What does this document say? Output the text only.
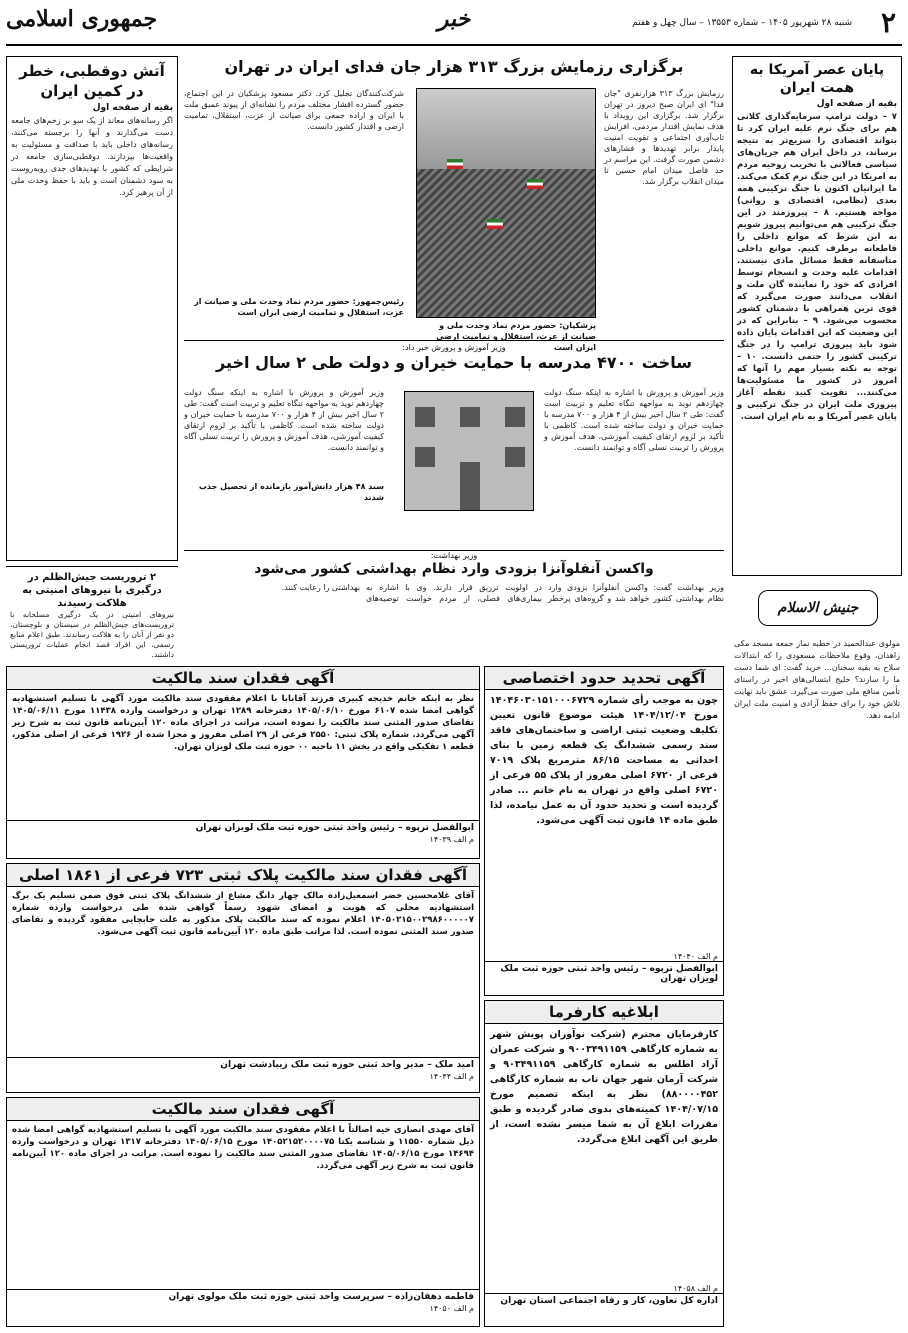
۲
شنبه ۲۸ شهریور ۱۴۰۵ – شماره ۱۳۵۵۳ – سال چهل و هفتم
خبر
جمهوری اسلامی
پایان عصر آمریکا به همت ایران
بقیه از صفحه اول
۷ – دولت ترامپ سرمایه‌گذاری کلانی هم برای جنگ نرم علیه ایران کرد تا بتواند اقتصادی را سریع‌تر به نتیجه برساند، در داخل ایران هم جریان‌های سیاسی فعالانی با تخریب روحیه مردم به امریکا در این جنگ نرم کمک می‌کند. ما ایرانیان اکنون با جنگ ترکیبی همه بعدی (نظامی، اقتصادی و روانی) مواجه هستیم. ۸ – پیروزمند در این جنگ ترکیبی هم می‌توانیم پیروز شویم به این شرط که موانع داخلی را قاطعانه برطرف کنیم. موانع داخلی متاسفانه فقط مسائل مادی نیستند. اقدامات علیه وحدت و انسجام توسط افرادی که خود را نماینده گان ملت و انقلاب می‌دانند صورت می‌گیرد که قوی ترین همراهی با دشمنان کشور محسوب می‌شود. ۹ – بنابراین که در این وضعیت که این اقدامات پایان داده شود باید پیروزی ترامپ را در جنگ ترکیبی کشور را حتمی دانست. ۱۰ – توجه به نکته بسیار مهم را آنها که امروز در کشور ما مسئولیت‌ها می‌کنند... تقویت کنید نقطه آغاز پیروزی ملت ایران در جنگ ترکیبی و پایان عصر آمریکا و به نام ایران است.
جنیش الاسلام
مولوی عبدالحمید در خطبه نماز جمعه مسجد مکی زاهدان، وقوع ملاحظات مسعودی را که ابتدالات سلاح به بقیه سخنان... خرید گفت: ای شما دست ما را سازند؟ خلیج ابتسالی‌های اخیر در راستای تأمین منافع ملی صورت می‌گیرد. عشق باید نهایت تلاش خود را برای حفظ آزادی و امنیت ملت ایران ادامه دهد.
برگزاری رزمایش بزرگ ۳۱۳ هزار جان فدای ایران در تهران
رزمایش بزرگ ۳۱۳ هزارنفری "جان فدا" ای ایران صبح دیروز در تهران برگزار شد. برگزاری این رویداد با هدف نمایش اقتدار مردمی، افزایش تاب‌آوری اجتماعی و تقویت امنیت پایدار برابر تهدیدها و فشارهای دشمن صورت گرفت. این مراسم در حد فاصل میدان امام حسین تا میدان انقلاب برگزار شد.
پزشکیان: حضور مردم نماد وحدت ملی و صیانت از عزت، استقلال و تمامیت ارضی ایران است
شرکت‌کنندگان تجلیل کرد. دکتر مسعود پزشکیان در این اجتماع، حضور گسترده اقشار مختلف مردم را نشانه‌ای از پیوند عمیق ملت با ایران و اراده جمعی برای صیانت از عزت، استقلال، تمامیت ارضی و اقتدار کشور دانست.
رئیس‌جمهور: حضور مردم نماد وحدت ملی و صیانت از عزت، استقلال و تمامیت ارضی ایران است
وزیر آموزش و پرورش خبر داد:
ساخت ۴۷۰۰ مدرسه با حمایت خیران و دولت طی ۲ سال اخیر
وزیر آموزش و پرورش با اشاره به اینکه سنگ دولت چهاردهم نوید به مواجهه تنگاه تعلیم و تربیت است گفت: طی ۲ سال اخیر بیش از ۴ هزار و ۷۰۰ مدرسه با حمایت خیران و دولت ساخته شده است. کاظمی با تأکید بر لزوم ارتقای کیفیت آموزشی، هدف آموزش و پرورش را تربیت نسلی آگاه و توانمند دانست.
وزیر آموزش و پرورش با اشاره به اینکه سنگ دولت چهاردهم نوید به مواجهه تنگاه تعلیم و تربیت است گفت: طی ۲ سال اخیر بیش از ۴ هزار و ۷۰۰ مدرسه با حمایت خیران و دولت ساخته شده است. کاظمی با تأکید بر لزوم ارتقای کیفیت آموزشی، هدف آموزش و پرورش را تربیت نسلی آگاه و توانمند دانست.
سند ۴۸ هزار دانش‌آموز بازمانده از تحصیل جذب شدند
وزیر بهداشت:
واکسن آنفلوآنزا بزودی وارد نظام بهداشتی کشور می‌شود
وزیر بهداشت گفت: واکسن آنفلوآنزا بزودی وارد نظام بهداشتی کشور خواهد شد و گروه‌های پرخطر در اولویت تزریق قرار دارند. وی با اشاره به بیماری‌های فصلی، از مردم خواست توصیه‌های بهداشتی را رعایت کنند.
آتش دوقطبی، خطر در کمین ایران
بقیه از صفحه اول
اگر رسانه‌های معاند از یک سو بر زخم‌های جامعه دست می‌گذارند و آنها را برجسته می‌کنند، رسانه‌های داخلی باید با صداقت و مسئولیت به واقعیت‌ها بپردازند. دوقطبی‌سازی جامعه در شرایطی که کشور با تهدیدهای جدی روبه‌روست به سود دشمنان است و باید با حفظ وحدت ملی از آن پرهیز کرد.
۲ تروریست جیش‌الظلم در درگیری با نیروهای امنیتی به هلاکت رسیدند
نیروهای امنیتی در یک درگیری مسلحانه با تروریست‌های جیش‌الظلم در سیستان و بلوچستان، دو نفر از آنان را به هلاکت رساندند. طبق اعلام منابع رسمی، این افراد قصد انجام عملیات تروریستی داشتند.
آگهی فقدان سند مالکیت
نظر به اینکه خانم خدیجه کبیری فرزند آقابابا با اعلام مفقودی سند مالکیت مورد آگهی با تسلیم استشهادیه گواهی امضا شده ۶۱۰۷ مورخ ۱۴۰۵/۰۶/۱۰ دفترخانه ۱۲۸۹ تهران و درخواست وارده ۱۱۴۳۸ مورخ ۱۴۰۵/۰۶/۱۱ تقاضای صدور المثنی سند مالکیت را نموده است، مراتب در اجرای ماده ۱۲۰ آیین‌نامه قانون ثبت به شرح زیر آگهی می‌گردد. شماره پلاک ثبتی: ۲۵۵۰ فرعی از ۲۹ اصلی مفروز و مجزا شده از ۱۹۲۶ فرعی از اصلی مذکور، قطعه ۱ تفکیکی واقع در بخش ۱۱ ناحیه ۰۰ حوزه ثبت ملک لویزان تهران.
ابوالفضل ترپوه – رئیس واحد ثبتی حوزه ثبت ملک لویزان تهران
م الف ۱۴۰۳۹
آگهی فقدان سند مالکیت پلاک ثبتی ۷۲۳ فرعی از ۱۸۶۱ اصلی
آقای غلامحسین خضر اسمعیل‌زاده مالک چهار دانگ مشاع از ششدانگ پلاک ثبتی فوق ضمن تسلیم یک برگ استشهادیه محلی که هویت و امضای شهود رسماً گواهی شده طی درخواست وارده شماره ۱۴۰۵۰۲۱۵۰۰۲۹۸۶۰۰۰۰۰۷ اعلام نموده که سند مالکیت پلاک مذکور به علت جابجایی مفقود گردیده و تقاضای صدور سند المثنی نموده است. لذا مراتب طبق ماده ۱۲۰ آیین‌نامه قانون ثبت آگهی می‌شود.
امید ملک – مدیر واحد ثبتی حوزه ثبت ملک زیبادشت تهران
م الف ۱۴۰۴۴
آگهی فقدان سند مالکیت
آقای مهدی انصاری خیه اصالتاً با اعلام مفقودی سند مالکیت مورد آگهی با تسلیم استشهادیه گواهی امضا شده ذیل شماره ۱۱۵۵۰ و شناسه یکتا ۱۴۰۵۲۱۵۲۰۰۰۰۷۵ مورخ ۱۴۰۵/۰۶/۱۵ دفترخانه ۱۳۱۷ تهران و درخواست وارده ۱۴۶۹۴ مورخ ۱۴۰۵/۰۶/۱۵ تقاضای صدور المثنی سند مالکیت را نموده است. مراتب در اجرای ماده ۱۲۰ آیین‌نامه قانون ثبت به شرح زیر آگهی می‌گردد.
فاطمه دهقان‌زاده – سرپرست واحد ثبتی حوزه ثبت ملک مولوی تهران
م الف ۱۴۰۵۰
آگهی تحدید حدود اختصاصی
چون به موجب رأی شماره ۱۴۰۴۶۰۳۰۱۵۱۰۰۰۶۷۲۹ مورخ ۱۴۰۴/۱۲/۰۴ هیئت موضوع قانون تعیین تکلیف وضعیت ثبتی اراضی و ساختمان‌های فاقد سند رسمی ششدانگ یک قطعه زمین با بنای احداثی به مساحت ۸۶/۱۵ مترمربع پلاک ۷۰۱۹ فرعی از ۶۷۲۰ اصلی مفروز از پلاک ۵۵ فرعی از ۶۷۲۰ اصلی واقع در تهران به نام خانم ... صادر گردیده است و تحدید حدود آن به عمل نیامده، لذا طبق ماده ۱۴ قانون ثبت آگهی می‌شود.
م الف ۱۴۰۴۰
ابوالفضل ترپوه – رئیس واحد ثبتی حوزه ثبت ملک لویزان تهران
ابلاغیه کارفرما
کارفرمایان محترم (شرکت نوآوران پویش شهر به شماره کارگاهی ۹۰۰۳۴۹۱۱۵۹ و شرکت عمران آراد اطلس به شماره کارگاهی ۹۰۳۴۹۱۱۵۹ و شرکت آرمان شهر جهان تاب به شماره کارگاهی ۸۸۰۰۰۰۴۵۲) نظر به اینکه تصمیم مورخ ۱۴۰۴/۰۷/۱۵ کمیته‌های بدوی صادر گردیده و طبق مقررات ابلاغ آن به شما میسر نشده است، از طریق این آگهی ابلاغ می‌گردد.
م الف ۱۴۰۵۸
اداره کل تعاون، کار و رفاه اجتماعی استان تهران
